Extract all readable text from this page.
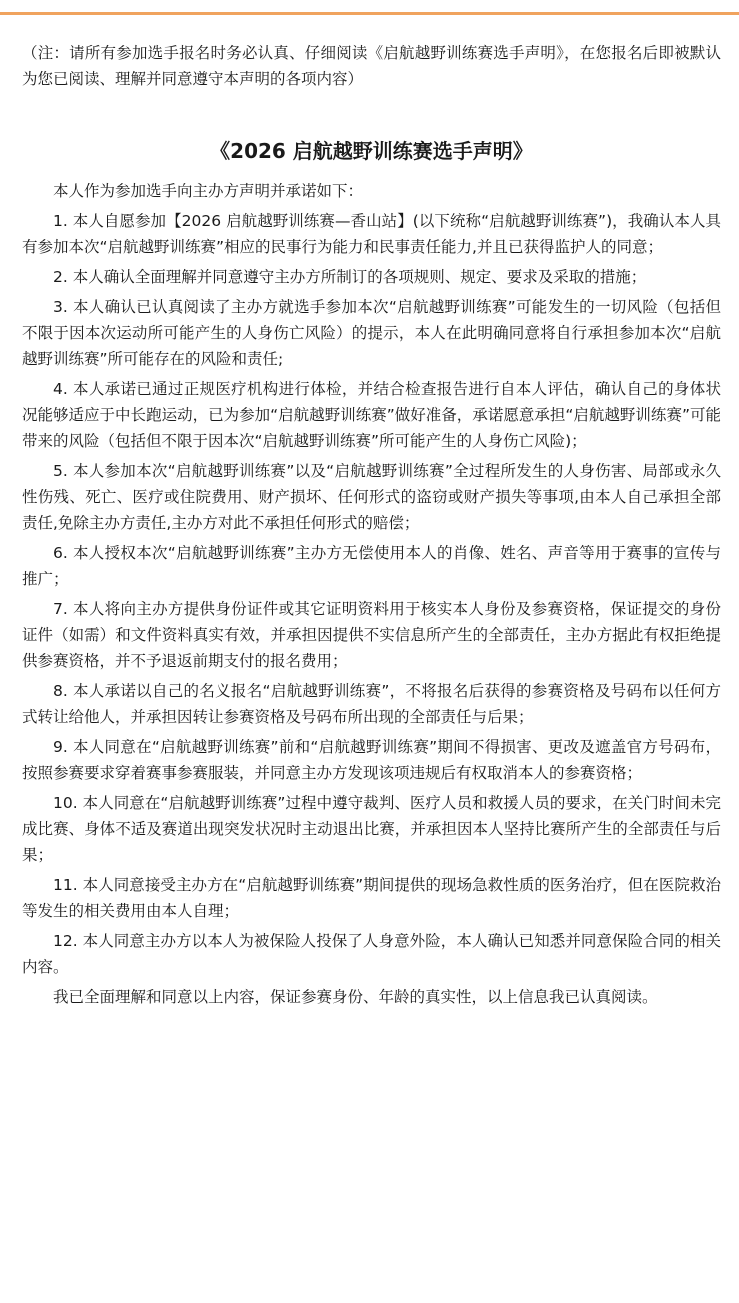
（注：请所有参加选手报名时务必认真、仔细阅读《启航越野训练赛选手声明》，在您报名后即被默认为您已阅读、理解并同意遵守本声明的各项内容）

《2026 启航越野训练赛选手声明》

本人作为参加选手向主办方声明并承诺如下：

1. 本人自愿参加【2026 启航越野训练赛—香山站】(以下统称“启航越野训练赛”)，我确认本人具有参加本次“启航越野训练赛”相应的民事行为能力和民事责任能力,并且已获得监护人的同意；

2. 本人确认全面理解并同意遵守主办方所制订的各项规则、规定、要求及采取的措施；

3. 本人确认已认真阅读了主办方就选手参加本次“启航越野训练赛”可能发生的一切风险（包括但不限于因本次运动所可能产生的人身伤亡风险）的提示，本人在此明确同意将自行承担参加本次“启航越野训练赛”所可能存在的风险和责任;

4. 本人承诺已通过正规医疗机构进行体检，并结合检查报告进行自本人评估，确认自己的身体状况能够适应于中长跑运动，已为参加“启航越野训练赛”做好准备，承诺愿意承担“启航越野训练赛”可能带来的风险（包括但不限于因本次“启航越野训练赛”所可能产生的人身伤亡风险)；

5. 本人参加本次“启航越野训练赛”以及“启航越野训练赛”全过程所发生的人身伤害、局部或永久性伤残、死亡、医疗或住院费用、财产损坏、任何形式的盗窃或财产损失等事项,由本人自己承担全部责任,免除主办方责任,主办方对此不承担任何形式的赔偿；

6. 本人授权本次“启航越野训练赛”主办方无偿使用本人的肖像、姓名、声音等用于赛事的宣传与推广；

7. 本人将向主办方提供身份证件或其它证明资料用于核实本人身份及参赛资格，保证提交的身份证件（如需）和文件资料真实有效，并承担因提供不实信息所产生的全部责任，主办方据此有权拒绝提供参赛资格，并不予退返前期支付的报名费用；

8. 本人承诺以自己的名义报名“启航越野训练赛”，不将报名后获得的参赛资格及号码布以任何方式转让给他人，并承担因转让参赛资格及号码布所出现的全部责任与后果；

9. 本人同意在“启航越野训练赛”前和“启航越野训练赛”期间不得损害、更改及遮盖官方号码布，按照参赛要求穿着赛事参赛服装，并同意主办方发现该项违规后有权取消本人的参赛资格；

10. 本人同意在“启航越野训练赛”过程中遵守裁判、医疗人员和救援人员的要求，在关门时间未完成比赛、身体不适及赛道出现突发状况时主动退出比赛，并承担因本人坚持比赛所产生的全部责任与后果；

11. 本人同意接受主办方在“启航越野训练赛”期间提供的现场急救性质的医务治疗，但在医院救治等发生的相关费用由本人自理；

12. 本人同意主办方以本人为被保险人投保了人身意外险，本人确认已知悉并同意保险合同的相关内容。

我已全面理解和同意以上内容，保证参赛身份、年龄的真实性，以上信息我已认真阅读。
